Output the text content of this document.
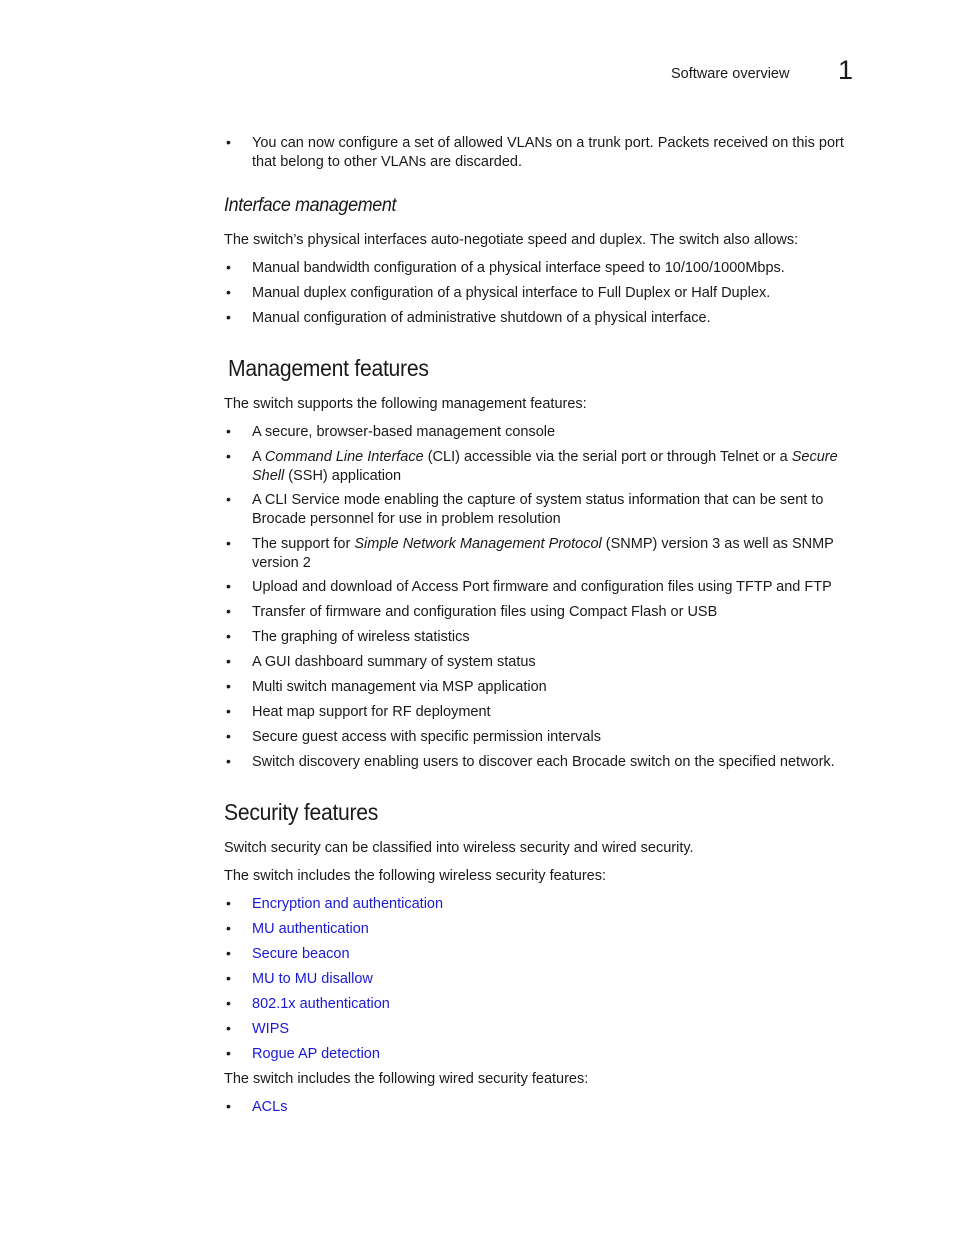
Software overview 1
•	You can now configure a set of allowed VLANs on a trunk port. Packets received on this port
that belong to other VLANs are discarded.
Interface management
The switch’s physical interfaces auto-negotiate speed and duplex. The switch also allows:
•	Manual bandwidth configuration of a physical interface speed to 10/100/1000Mbps.
•	Manual duplex configuration of a physical interface to Full Duplex or Half Duplex.
•	Manual configuration of administrative shutdown of a physical interface.
Management features
The switch supports the following management features:
•	A secure, browser-based management console
•	A Command Line Interface (CLI) accessible via the serial port or through Telnet or a Secure
Shell (SSH) application
•	A CLI Service mode enabling the capture of system status information that can be sent to
Brocade personnel for use in problem resolution
•	The support for Simple Network Management Protocol (SNMP) version 3 as well as SNMP
version 2
•	Upload and download of Access Port firmware and configuration files using TFTP and FTP
•	Transfer of firmware and configuration files using Compact Flash or USB
•	The graphing of wireless statistics
•	A GUI dashboard summary of system status
•	Multi switch management via MSP application
•	Heat map support for RF deployment
•	Secure guest access with specific permission intervals
•	Switch discovery enabling users to discover each Brocade switch on the specified network.
Security features
Switch security can be classified into wireless security and wired security.
The switch includes the following wireless security features:
•	Encryption and authentication
•	MU authentication
•	Secure beacon
•	MU to MU disallow
•	802.1x authentication
•	WIPS
•	Rogue AP detection
The switch includes the following wired security features:
•	ACLs
